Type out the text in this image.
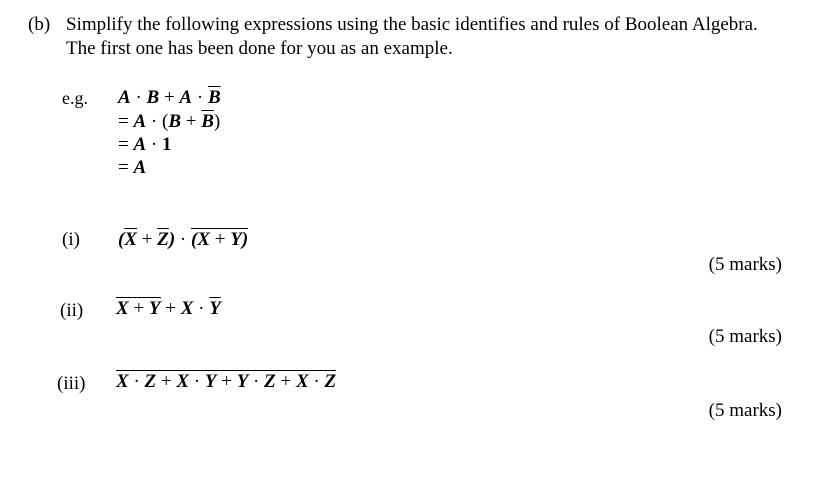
(b) Simplify the following expressions using the basic identifies and rules of Boolean Algebra.
The first one has been done for you as an example.
e.g. $A \cdot B + A \cdot \overline{B}$
= $A \cdot (B + \overline{B})$
= A · 1
= A
(i) $(\overline{X} + \overline{Z}) \cdot (X + Y)$
(5 marks)
(ii) $X + \overline{Y} + X \cdot \overline{Y}$
(5 marks)
(iii) $X \cdot Z + X \cdot Y + Y \cdot Z + \overline{X} \cdot Z$
(5 marks)
